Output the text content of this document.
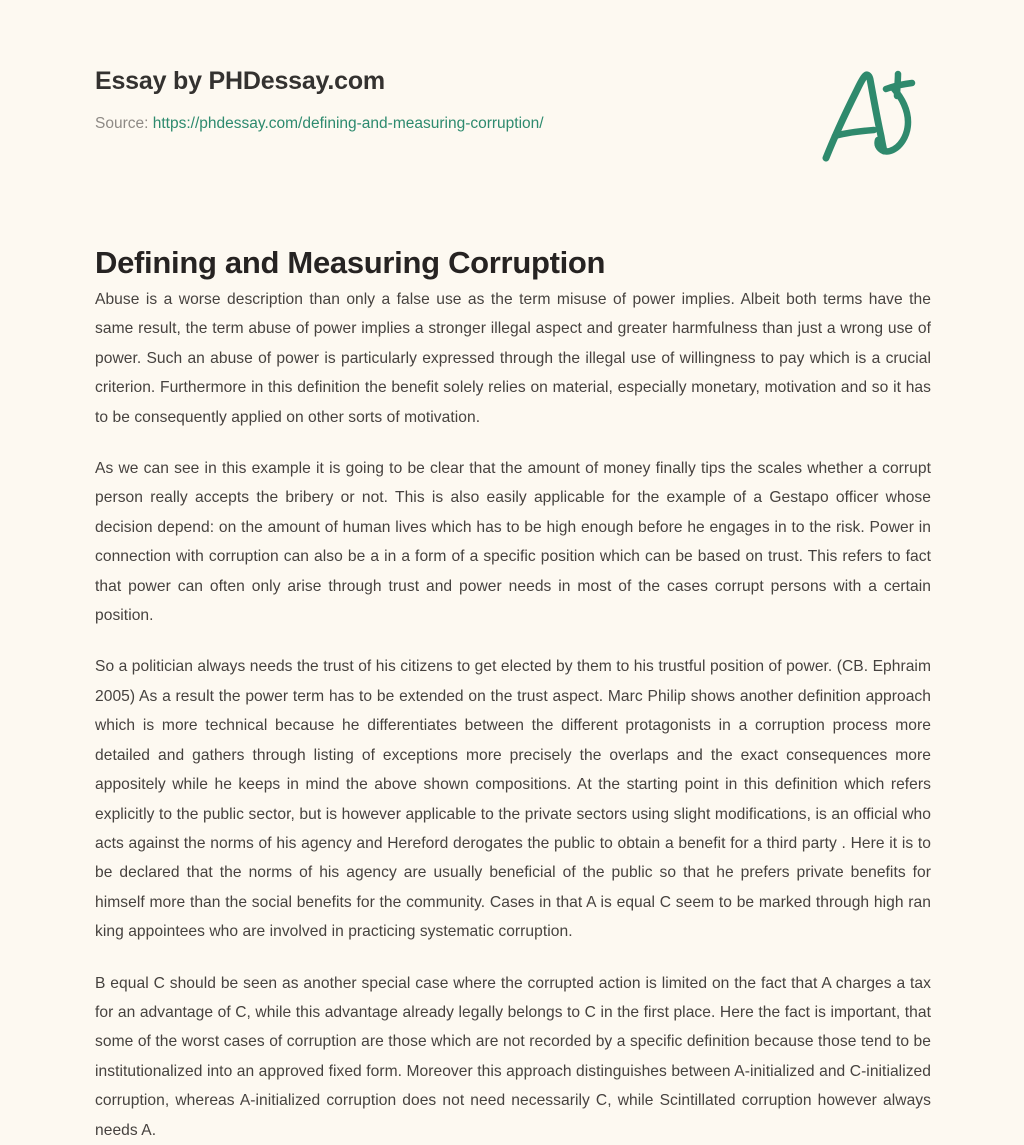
Essay by PHDessay.com
Source: https://phdessay.com/defining-and-measuring-corruption/
Defining and Measuring Corruption

Abuse is a worse description than only a false use as the term misuse of power implies. Albeit both terms have the same result, the term abuse of power implies a stronger illegal aspect and greater harmfulness than just a wrong use of power. Such an abuse of power is particularly expressed through the illegal use of willingness to pay which is a crucial criterion. Furthermore in this definition the benefit solely relies on material, especially monetary, motivation and so it has to be consequently applied on other sorts of motivation.

As we can see in this example it is going to be clear that the amount of money finally tips the scales whether a corrupt person really accepts the bribery or not. This is also easily applicable for the example of a Gestapo officer whose decision depend: on the amount of human lives which has to be high enough before he engages in to the risk. Power in connection with corruption can also be a in a form of a specific position which can be based on trust. This refers to fact that power can often only arise through trust and power needs in most of the cases corrupt persons with a certain position.

So a politician always needs the trust of his citizens to get elected by them to his trustful position of power. (CB. Ephraim 2005) As a result the power term has to be extended on the trust aspect. Marc Philip shows another definition approach which is more technical because he differentiates between the different protagonists in a corruption process more detailed and gathers through listing of exceptions more precisely the overlaps and the exact consequences more appositely while he keeps in mind the above shown compositions. At the starting point in this definition which refers explicitly to the public sector, but is however applicable to the private sectors using slight modifications, is an official who acts against the norms of his agency and Hereford derogates the public to obtain a benefit for a third party . Here it is to be declared that the norms of his agency are usually beneficial of the public so that he prefers private benefits for himself more than the social benefits for the community. Cases in that A is equal C seem to be marked through high ran king appointees who are involved in practicing systematic corruption.

B equal C should be seen as another special case where the corrupted action is limited on the fact that A charges a tax for an advantage of C, while this advantage already legally belongs to C in the first place. Here the fact is important, that some of the worst cases of corruption are those which are not recorded by a specific definition because those tend to be institutionalized into an approved fixed form. Moreover this approach distinguishes between A-initialized and C-initialized corruption, whereas A-initialized corruption does not need necessarily C, while Scintillated corruption however always needs A.
